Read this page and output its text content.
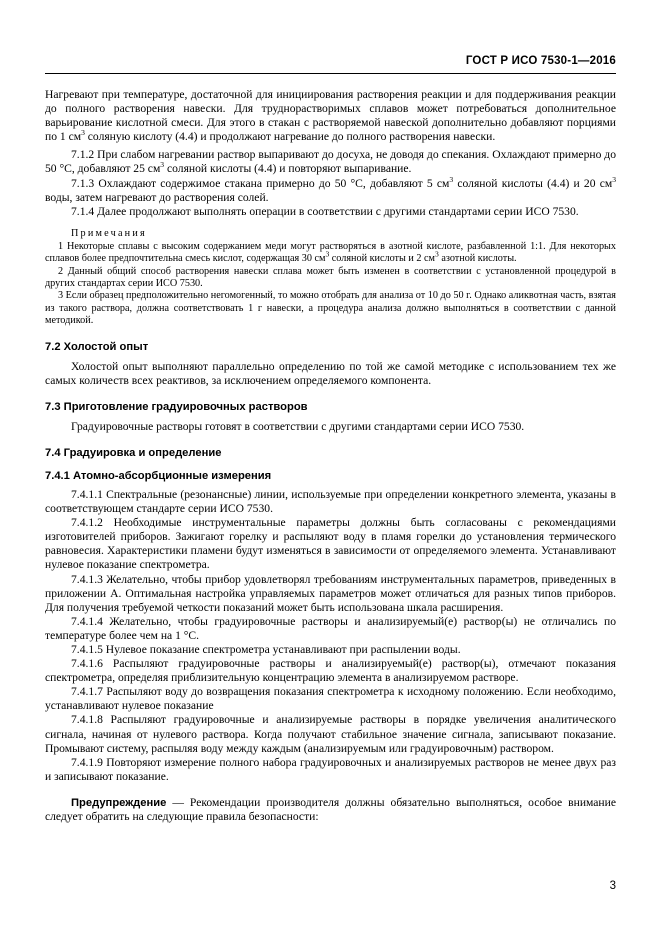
ГОСТ Р ИСО 7530-1—2016

Нагревают при температуре, достаточной для инициирования растворения реакции и для поддерживания реакции до полного растворения навески. Для труднорастворимых сплавов может потребоваться дополнительное варьирование кислотной смеси. Для этого в стакан с растворяемой навеской дополнительно добавляют порциями по 1 $см^3$ соляную кислоту (4.4) и продолжают нагревание до полного растворения навески.

7.1.2 При слабом нагревании раствор выпаривают до досуха, не доводя до спекания. Охлаждают примерно до 50 °С, добавляют 25 $см^3$ соляной кислоты (4.4) и повторяют выпаривание.

7.1.3 Охлаждают содержимое стакана примерно до 50 °С, добавляют 5 $см^3$ соляной кислоты (4.4) и 20 $см^3$ воды, затем нагревают до растворения солей.

7.1.4 Далее продолжают выполнять операции в соответствии с другими стандартами серии ИСО 7530.

Примечания

1 Некоторые сплавы с высоким содержанием меди могут растворяться в азотной кислоте, разбавленной 1:1. Для некоторых сплавов более предпочтительна смесь кислот, содержащая 30 $см^3$ соляной кислоты и 2 $см^3$ азотной кислоты.

2 Данный общий способ растворения навески сплава может быть изменен в соответствии с установленной процедурой в других стандартах серии ИСО 7530.

3 Если образец предположительно негомогенный, то можно отобрать для анализа от 10 до 50 г. Однако аликвотная часть, взятая из такого раствора, должна соответствовать 1 г навески, а процедура анализа должно выполняться в соответствии с данной методикой.

7.2 Холостой опыт

Холостой опыт выполняют параллельно определению по той же самой методике с использованием тех же самых количеств всех реактивов, за исключением определяемого компонента.

7.3 Приготовление градуировочных растворов

Градуировочные растворы готовят в соответствии с другими стандартами серии ИСО 7530.

7.4 Градуировка и определение
7.4.1 Атомно-абсорбционные измерения

7.4.1.1 Спектральные (резонансные) линии, используемые при определении конкретного элемента, указаны в соответствующем стандарте серии ИСО 7530.

7.4.1.2 Необходимые инструментальные параметры должны быть согласованы с рекомендациями изготовителей приборов. Зажигают горелку и распыляют воду в пламя горелки до установления термического равновесия. Характеристики пламени будут изменяться в зависимости от определяемого элемента. Устанавливают нулевое показание спектрометра.

7.4.1.3 Желательно, чтобы прибор удовлетворял требованиям инструментальных параметров, приведенных в приложении А. Оптимальная настройка управляемых параметров может отличаться для разных типов приборов. Для получения требуемой четкости показаний может быть использована шкала расширения.

7.4.1.4 Желательно, чтобы градуировочные растворы и анализируемый(е) раствор(ы) не отличались по температуре более чем на 1 °С.

7.4.1.5 Нулевое показание спектрометра устанавливают при распылении воды.

7.4.1.6 Распыляют градуировочные растворы и анализируемый(е) раствор(ы), отмечают показания спектрометра, определяя приблизительную концентрацию элемента в анализируемом растворе.

7.4.1.7 Распыляют воду до возвращения показания спектрометра к исходному положению. Если необходимо, устанавливают нулевое показание

7.4.1.8 Распыляют градуировочные и анализируемые растворы в порядке увеличения аналитического сигнала, начиная от нулевого раствора. Когда получают стабильное значение сигнала, записывают показание. Промывают систему, распыляя воду между каждым (анализируемым или градуировочным) раствором.

7.4.1.9 Повторяют измерение полного набора градуировочных и анализируемых растворов не менее двух раз и записывают показание.

Предупреждение — Рекомендации производителя должны обязательно выполняться, особое внимание следует обратить на следующие правила безопасности:

3
